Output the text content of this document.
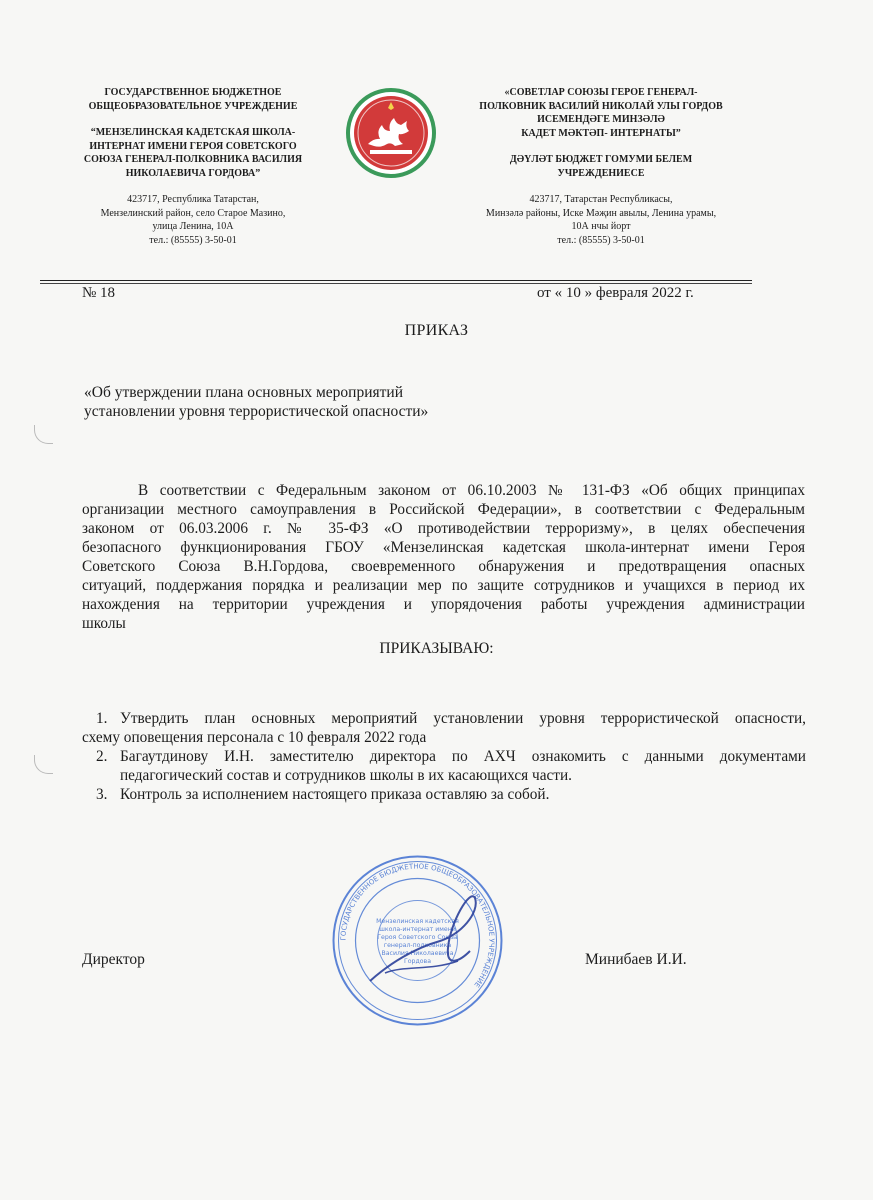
ГОСУДАРСТВЕННОЕ БЮДЖЕТНОЕ
ОБЩЕОБРАЗОВАТЕЛЬНОЕ УЧРЕЖДЕНИЕ
“МЕНЗЕЛИНСКАЯ КАДЕТСКАЯ ШКОЛА-
ИНТЕРНАТ ИМЕНИ ГЕРОЯ СОВЕТСКОГО
СОЮЗА ГЕНЕРАЛ-ПОЛКОВНИКА ВАСИЛИЯ
НИКОЛАЕВИЧА ГОРДОВА”
423717, Республика Татарстан,
Мензелинский район, село Старое Мазино,
улица Ленина, 10А
тел.: (85555) 3-50-01
«СОВЕТЛАР СОЮЗЫ ГЕРОЕ ГЕНЕРАЛ-
ПОЛКОВНИК ВАСИЛИЙ НИКОЛАЙ УЛЫ ГОРДОВ
ИСЕМЕНДӘГЕ МИНЗӘЛӘ
КАДЕТ МӘКТӘП- ИНТЕРНАТЫ”
ДӘҮЛӘТ БЮДЖЕТ ГОМУМИ БЕЛЕМ
УЧРЕЖДЕНИЕСЕ
423717, Татарстан Республикасы,
Минзәлә районы, Иске Мәҗин авылы, Ленина урамы,
10А нчы йорт
тел.: (85555) 3-50-01
№ 18	от « 10 » февраля 2022 г.
ПРИКАЗ
«Об утверждении плана основных мероприятий
установлении уровня террористической опасности»
В соответствии с Федеральным законом от 06.10.2003 № 131-ФЗ «Об общих принципах
организации местного самоуправления в Российской Федерации», в соответствии с Федеральным
законом от 06.03.2006 г. № 35-ФЗ «О противодействии терроризму», в целях обеспечения
безопасного функционирования ГБОУ «Мензелинская кадетская школа-интернат имени Героя
Советского Союза В.Н.Гордова, своевременного обнаружения и предотвращения опасных
ситуаций, поддержания порядка и реализации мер по защите сотрудников и учащихся в период их
нахождения на территории учреждения и упорядочения работы учреждения администрации
школы
ПРИКАЗЫВАЮ:
1. Утвердить план основных мероприятий установлении уровня террористической опасности,
схему оповещения персонала с 10 февраля 2022 года
2. Багаутдинову И.Н. заместителю директора по АХЧ ознакомить с данными документами
педагогический состав и сотрудников школы в их касающихся части.
3. Контроль за исполнением настоящего приказа оставляю за собой.
Директор	Минибаев И.И.
ГОСУДАРСТВЕННОЕ БЮДЖЕТНОЕ ОБЩЕОБРАЗОВАТЕЛЬНОЕ УЧРЕЖДЕНИЕ
Мензелинская кадетская
школа-интернат имени
Героя Советского Союза
генерал-полковника
Василия Николаевича
Гордова
